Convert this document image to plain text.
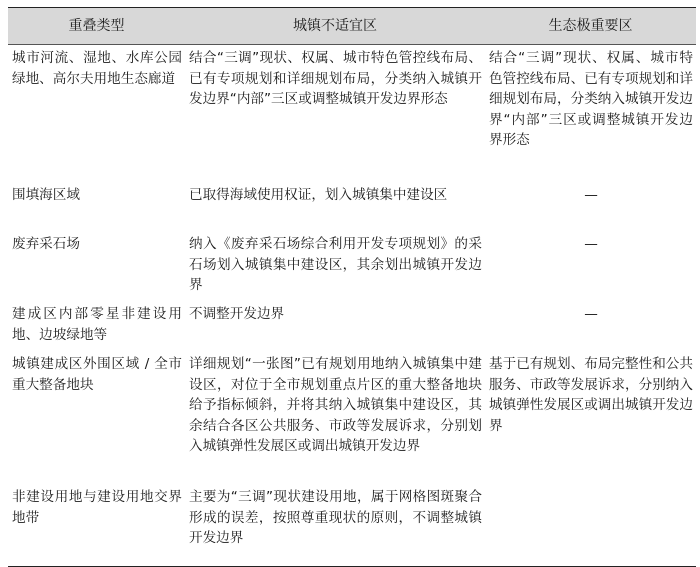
重叠类型	城镇不适宜区	生态极重要区
城市河流、湿地、水库公园绿地、高尔夫用地生态廊道	结合“三调”现状、权属、城市特色管控线布局、已有专项规划和详细规划布局，分类纳入城镇开发边界“内部”三区或调整城镇开发边界形态	结合“三调”现状、权属、城市特色管控线布局、已有专项规划和详细规划布局，分类纳入城镇开发边界“内部”三区或调整城镇开发边界形态
围填海区域	已取得海域使用权证，划入城镇集中建设区	—
废弃采石场	纳入《废弃采石场综合利用开发专项规划》的采石场划入城镇集中建设区，其余划出城镇开发边界	—
建成区内部零星非建设用地、边坡绿地等	不调整开发边界	—
城镇建成区外围区域 / 全市重大整备地块	详细规划“一张图”已有规划用地纳入城镇集中建设区，对位于全市规划重点片区的重大整备地块给予指标倾斜，并将其纳入城镇集中建设区，其余结合各区公共服务、市政等发展诉求，分别划入城镇弹性发展区或调出城镇开发边界	基于已有规划、布局完整性和公共服务、市政等发展诉求，分别纳入城镇弹性发展区或调出城镇开发边界
非建设用地与建设用地交界地带	主要为“三调”现状建设用地，属于网格图斑聚合形成的误差，按照尊重现状的原则，不调整城镇开发边界	
